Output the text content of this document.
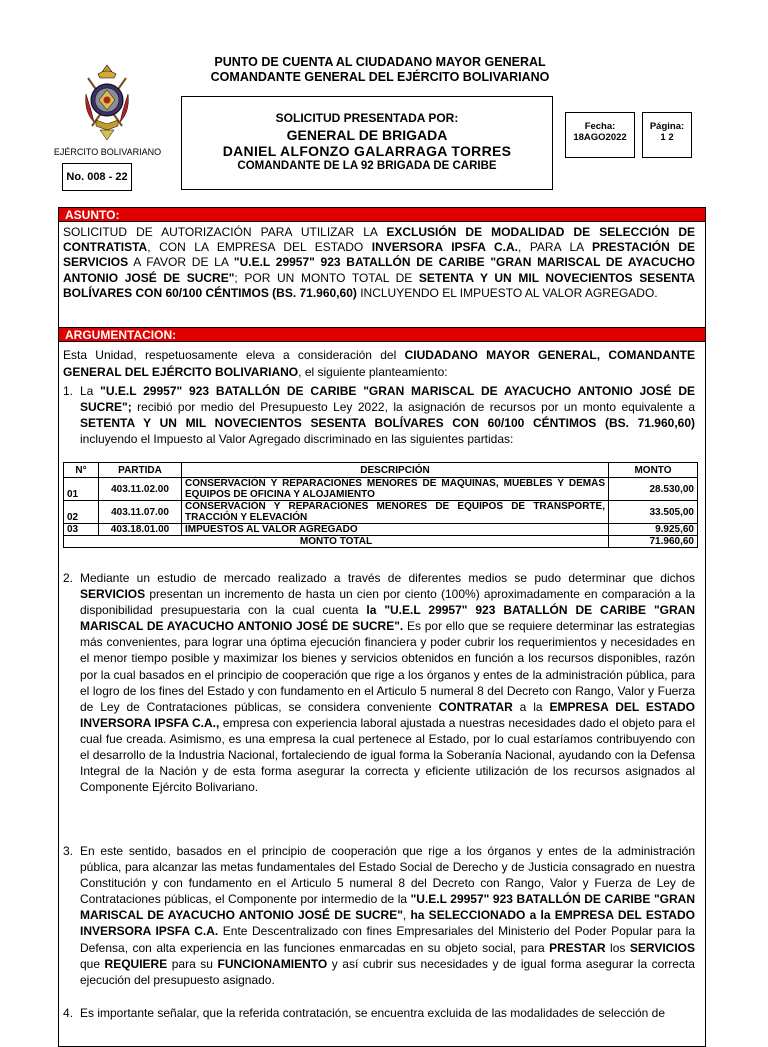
PUNTO DE CUENTA AL CIUDADANO MAYOR GENERAL
COMANDANTE GENERAL DEL EJÉRCITO BOLIVARIANO
EJÉRCITO BOLIVARIANO
No. 008 - 22
SOLICITUD PRESENTADA POR:
GENERAL DE BRIGADA
DANIEL ALFONZO GALARRAGA TORRES
COMANDANTE DE LA 92 BRIGADA DE CARIBE
Fecha:
18AGO2022
Página:
1 2
ASUNTO:
SOLICITUD DE AUTORIZACIÓN PARA UTILIZAR LA EXCLUSIÓN DE MODALIDAD DE SELECCIÓN DE CONTRATISTA, CON LA EMPRESA DEL ESTADO INVERSORA IPSFA C.A., PARA LA PRESTACIÓN DE SERVICIOS A FAVOR DE LA "U.E.L 29957" 923 BATALLÓN DE CARIBE "GRAN MARISCAL DE AYACUCHO ANTONIO JOSÉ DE SUCRE"; POR UN MONTO TOTAL DE SETENTA Y UN MIL NOVECIENTOS SESENTA BOLÍVARES CON 60/100 CÉNTIMOS (BS. 71.960,60) INCLUYENDO EL IMPUESTO AL VALOR AGREGADO.
ARGUMENTACION:
Esta Unidad, respetuosamente eleva a consideración del CIUDADANO MAYOR GENERAL, COMANDANTE GENERAL DEL EJÉRCITO BOLIVARIANO, el siguiente planteamiento:
1. La "U.E.L 29957" 923 BATALLÓN DE CARIBE "GRAN MARISCAL DE AYACUCHO ANTONIO JOSÉ DE SUCRE"; recibió por medio del Presupuesto Ley 2022, la asignación de recursos por un monto equivalente a SETENTA Y UN MIL NOVECIENTOS SESENTA BOLÍVARES CON 60/100 CÉNTIMOS (BS. 71.960,60) incluyendo el Impuesto al Valor Agregado discriminado en las siguientes partidas:
N°	PARTIDA	DESCRIPCIÓN	MONTO
01	403.11.02.00	CONSERVACIÓN Y REPARACIONES MENORES DE MÁQUINAS, MUEBLES Y DEMÁS EQUIPOS DE OFICINA Y ALOJAMIENTO	28.530,00
02	403.11.07.00	CONSERVACIÓN Y REPARACIONES MENORES DE EQUIPOS DE TRANSPORTE, TRACCIÓN Y ELEVACIÓN	33.505,00
03	403.18.01.00	IMPUESTOS AL VALOR AGREGADO	9.925,60
MONTO TOTAL			71.960,60
2. Mediante un estudio de mercado realizado a través de diferentes medios se pudo determinar que dichos SERVICIOS presentan un incremento de hasta un cien por ciento (100%) aproximadamente en comparación a la disponibilidad presupuestaria con la cual cuenta la "U.E.L 29957" 923 BATALLÓN DE CARIBE "GRAN MARISCAL DE AYACUCHO ANTONIO JOSÉ DE SUCRE". Es por ello que se requiere determinar las estrategias más convenientes, para lograr una óptima ejecución financiera y poder cubrir los requerimientos y necesidades en el menor tiempo posible y maximizar los bienes y servicios obtenidos en función a los recursos disponibles, razón por la cual basados en el principio de cooperación que rige a los órganos y entes de la administración pública, para el logro de los fines del Estado y con fundamento en el Articulo 5 numeral 8 del Decreto con Rango, Valor y Fuerza de Ley de Contrataciones públicas, se considera conveniente CONTRATAR a la EMPRESA DEL ESTADO INVERSORA IPSFA C.A., empresa con experiencia laboral ajustada a nuestras necesidades dado el objeto para el cual fue creada. Asimismo, es una empresa la cual pertenece al Estado, por lo cual estaríamos contribuyendo con el desarrollo de la Industria Nacional, fortaleciendo de igual forma la Soberanía Nacional, ayudando con la Defensa Integral de la Nación y de esta forma asegurar la correcta y eficiente utilización de los recursos asignados al Componente Ejército Bolivariano.
3. En este sentido, basados en el principio de cooperación que rige a los órganos y entes de la administración pública, para alcanzar las metas fundamentales del Estado Social de Derecho y de Justicia consagrado en nuestra Constitución y con fundamento en el Articulo 5 numeral 8 del Decreto con Rango, Valor y Fuerza de Ley de Contrataciones públicas, el Componente por intermedio de la "U.E.L 29957" 923 BATALLÓN DE CARIBE "GRAN MARISCAL DE AYACUCHO ANTONIO JOSÉ DE SUCRE", ha SELECCIONADO a la EMPRESA DEL ESTADO INVERSORA IPSFA C.A. Ente Descentralizado con fines Empresariales del Ministerio del Poder Popular para la Defensa, con alta experiencia en las funciones enmarcadas en su objeto social, para PRESTAR los SERVICIOS que REQUIERE para su FUNCIONAMIENTO y así cubrir sus necesidades y de igual forma asegurar la correcta ejecución del presupuesto asignado.
4. Es importante señalar, que la referida contratación, se encuentra excluida de las modalidades de selección de
